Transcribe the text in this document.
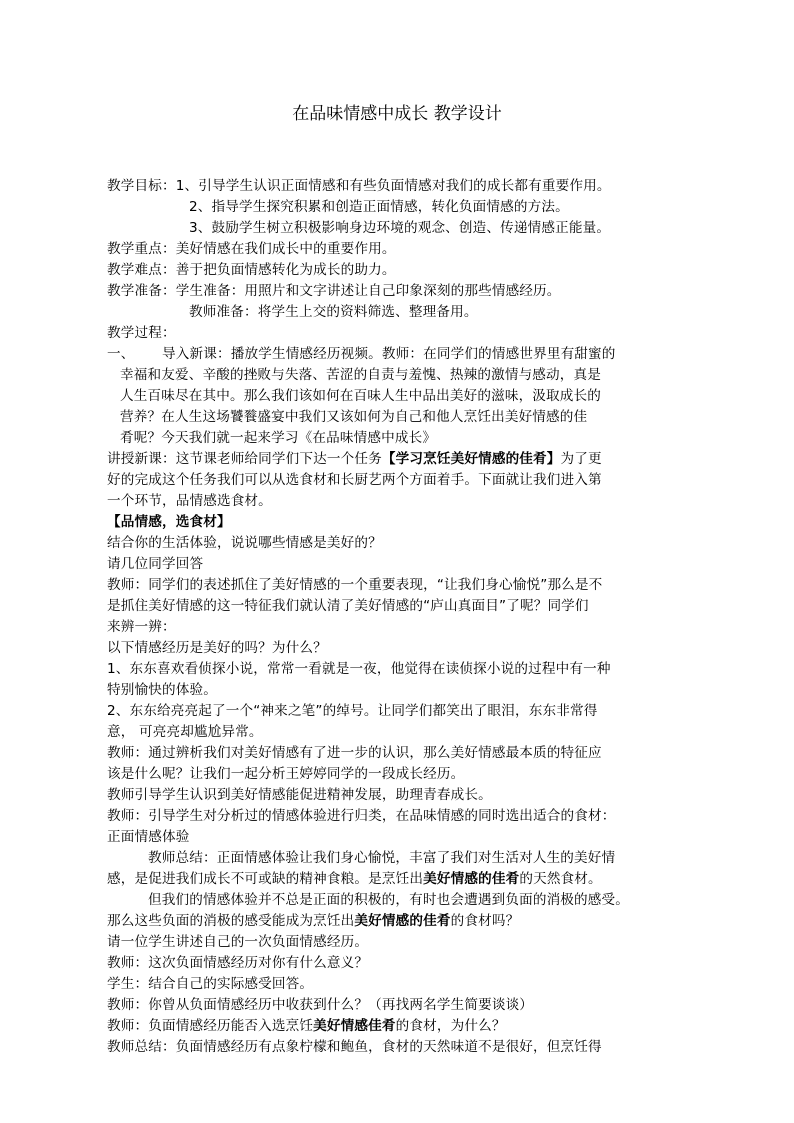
在品味情感中成长 教学设计
教学目标：1、引导学生认识正面情感和有些负面情感对我们的成长都有重要作用。
2、指导学生探究积累和创造正面情感，转化负面情感的方法。
3、鼓励学生树立积极影响身边环境的观念、创造、传递情感正能量。
教学重点：美好情感在我们成长中的重要作用。
教学难点：善于把负面情感转化为成长的助力。
教学准备：学生准备：用照片和文字讲述让自己印象深刻的那些情感经历。
教师准备：将学生上交的资料筛选、整理备用。
教学过程：
一、 导入新课：播放学生情感经历视频。教师：在同学们的情感世界里有甜蜜的
幸福和友爱、辛酸的挫败与失落、苦涩的自责与羞愧、热辣的激情与感动，真是
人生百味尽在其中。那么我们该如何在百味人生中品出美好的滋味，汲取成长的
营养？在人生这场饕餮盛宴中我们又该如何为自己和他人烹饪出美好情感的佳
肴呢？今天我们就一起来学习《在品味情感中成长》
讲授新课：这节课老师给同学们下达一个任务【学习烹饪美好情感的佳肴】为了更
好的完成这个任务我们可以从选食材和长厨艺两个方面着手。下面就让我们进入第
一个环节，品情感选食材。
【品情感，选食材】
结合你的生活体验，说说哪些情感是美好的？
请几位同学回答
教师：同学们的表述抓住了美好情感的一个重要表现，“让我们身心愉悦”那么是不
是抓住美好情感的这一特征我们就认清了美好情感的“庐山真面目”了呢？同学们
来辨一辨：
以下情感经历是美好的吗？为什么？
1、东东喜欢看侦探小说，常常一看就是一夜，他觉得在读侦探小说的过程中有一种
特别愉快的体验。
2、东东给亮亮起了一个“神来之笔”的绰号。让同学们都笑出了眼泪，东东非常得
意， 可亮亮却尴尬异常。
教师：通过辨析我们对美好情感有了进一步的认识，那么美好情感最本质的特征应
该是什么呢？让我们一起分析王婷婷同学的一段成长经历。
教师引导学生认识到美好情感能促进精神发展，助理青春成长。
教师：引导学生对分析过的情感体验进行归类，在品味情感的同时选出适合的食材：
正面情感体验
教师总结：正面情感体验让我们身心愉悦，丰富了我们对生活对人生的美好情
感，是促进我们成长不可或缺的精神食粮。是烹饪出美好情感的佳肴的天然食材。
但我们的情感体验并不总是正面的积极的，有时也会遭遇到负面的消极的感受。
那么这些负面的消极的感受能成为烹饪出美好情感的佳肴的食材吗？
请一位学生讲述自己的一次负面情感经历。
教师：这次负面情感经历对你有什么意义？
学生：结合自己的实际感受回答。
教师：你曾从负面情感经历中收获到什么？（再找两名学生简要谈谈）
教师：负面情感经历能否入选烹饪美好情感佳肴的食材，为什么？
教师总结：负面情感经历有点象柠檬和鲍鱼，食材的天然味道不是很好，但烹饪得
